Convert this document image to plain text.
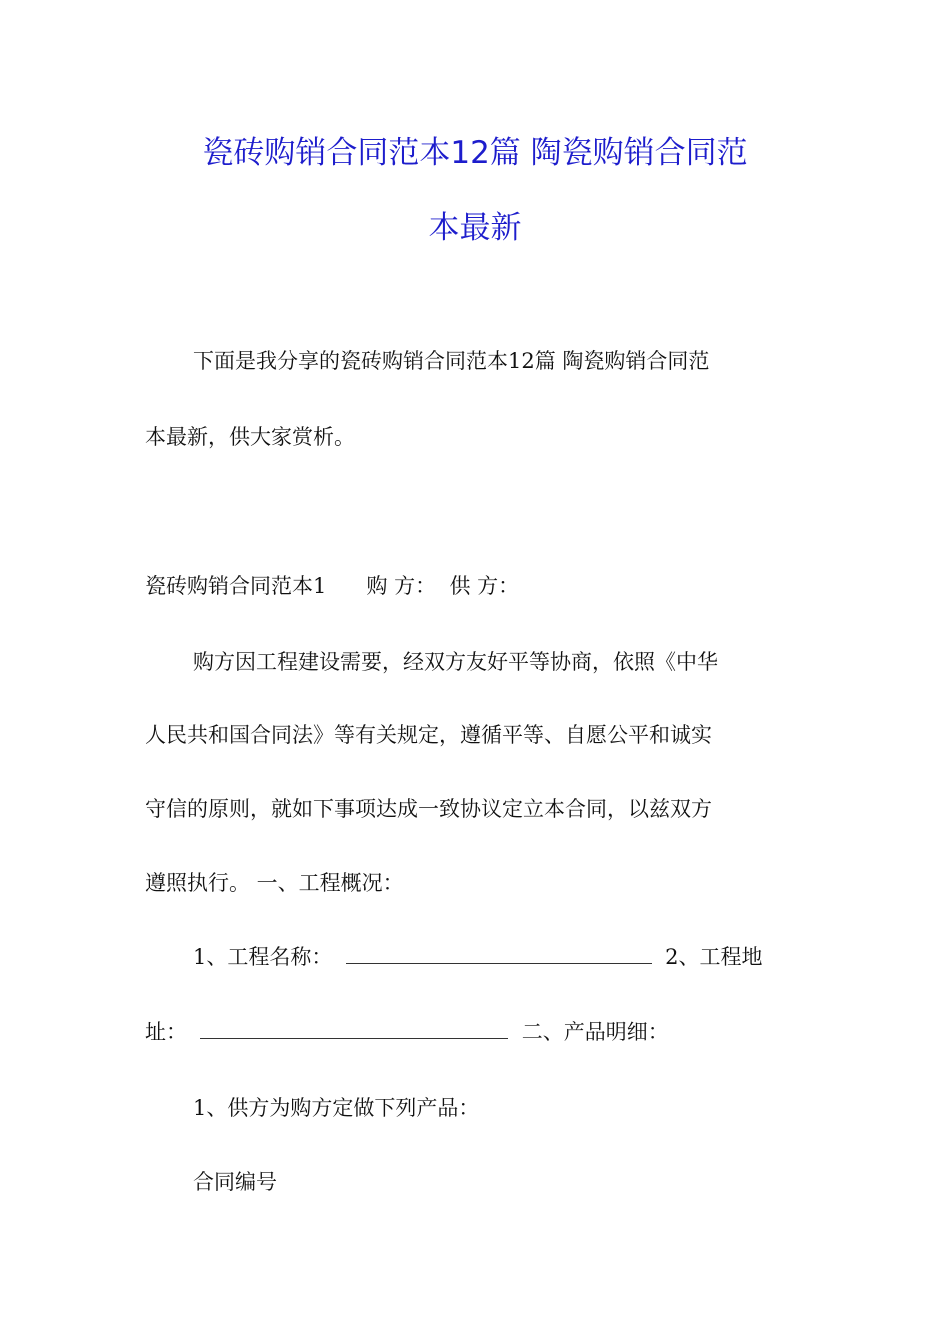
瓷砖购销合同范本12篇 陶瓷购销合同范
本最新
下面是我分享的瓷砖购销合同范本12篇 陶瓷购销合同范
本最新，供大家赏析。
瓷砖购销合同范本1 购 方： 供 方：
购方因工程建设需要，经双方友好平等协商，依照《中华
人民共和国合同法》等有关规定，遵循平等、自愿公平和诚实
守信的原则，就如下事项达成一致协议定立本合同，以兹双方
遵照执行。 一、工程概况：
1、工程名称：	2、工程地
址：	二、产品明细：
1、供方为购方定做下列产品：
合同编号
